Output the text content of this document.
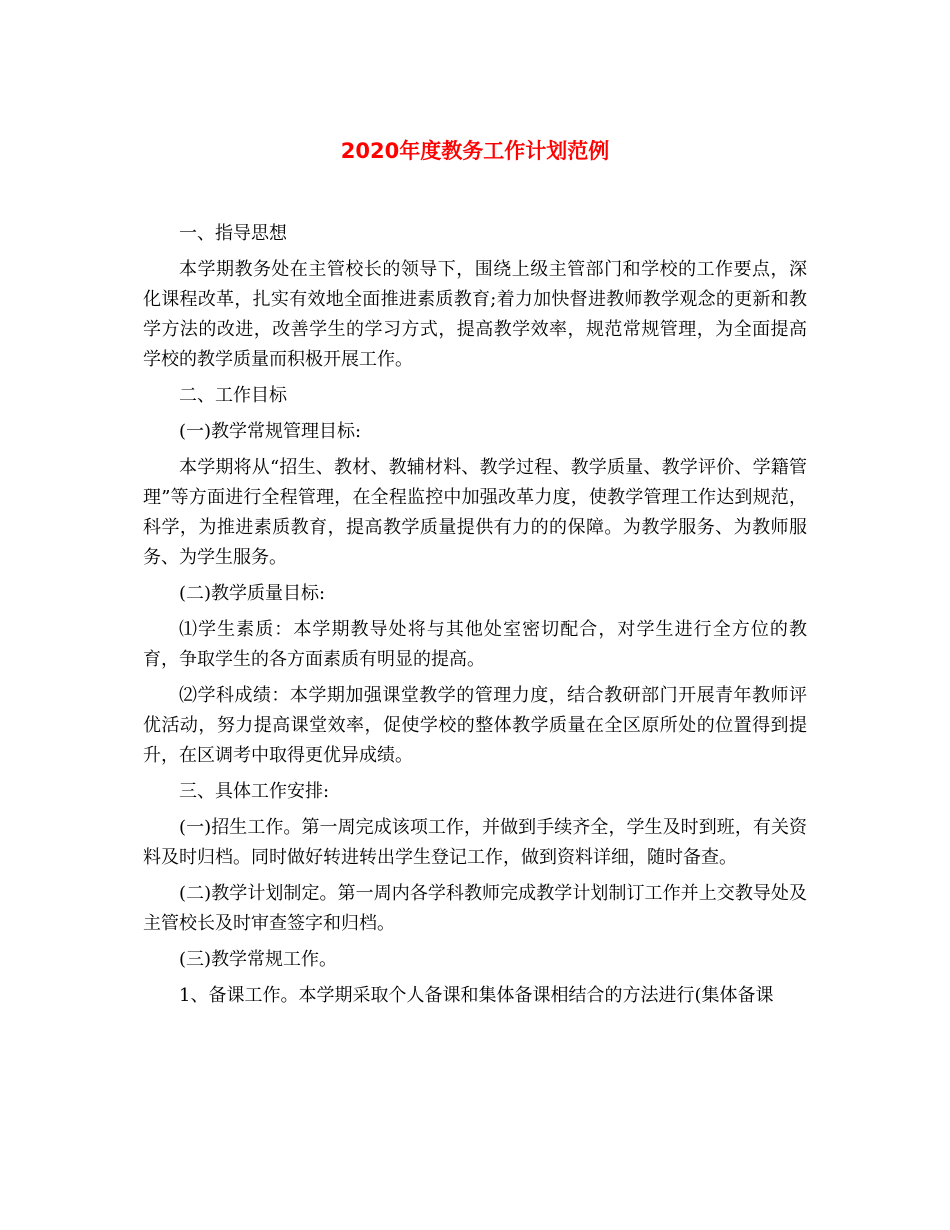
2020年度教务工作计划范例

一、指导思想

本学期教务处在主管校长的领导下，围绕上级主管部门和学校的工作要点，深化课程改革，扎实有效地全面推进素质教育;着力加快督进教师教学观念的更新和教学方法的改进，改善学生的学习方式，提高教学效率，规范常规管理，为全面提高学校的教学质量而积极开展工作。

二、工作目标

(一)教学常规管理目标:

本学期将从“招生、教材、教辅材料、教学过程、教学质量、教学评价、学籍管理”等方面进行全程管理，在全程监控中加强改革力度，使教学管理工作达到规范，科学，为推进素质教育，提高教学质量提供有力的的保障。为教学服务、为教师服务、为学生服务。

(二)教学质量目标:

⑴学生素质：本学期教导处将与其他处室密切配合，对学生进行全方位的教育，争取学生的各方面素质有明显的提高。

⑵学科成绩：本学期加强课堂教学的管理力度，结合教研部门开展青年教师评优活动，努力提高课堂效率，促使学校的整体教学质量在全区原所处的位置得到提升，在区调考中取得更优异成绩。

三、具体工作安排:

(一)招生工作。第一周完成该项工作，并做到手续齐全，学生及时到班，有关资料及时归档。同时做好转进转出学生登记工作，做到资料详细，随时备查。

(二)教学计划制定。第一周内各学科教师完成教学计划制订工作并上交教导处及主管校长及时审查签字和归档。

(三)教学常规工作。

1、备课工作。本学期采取个人备课和集体备课相结合的方法进行(集体备课
